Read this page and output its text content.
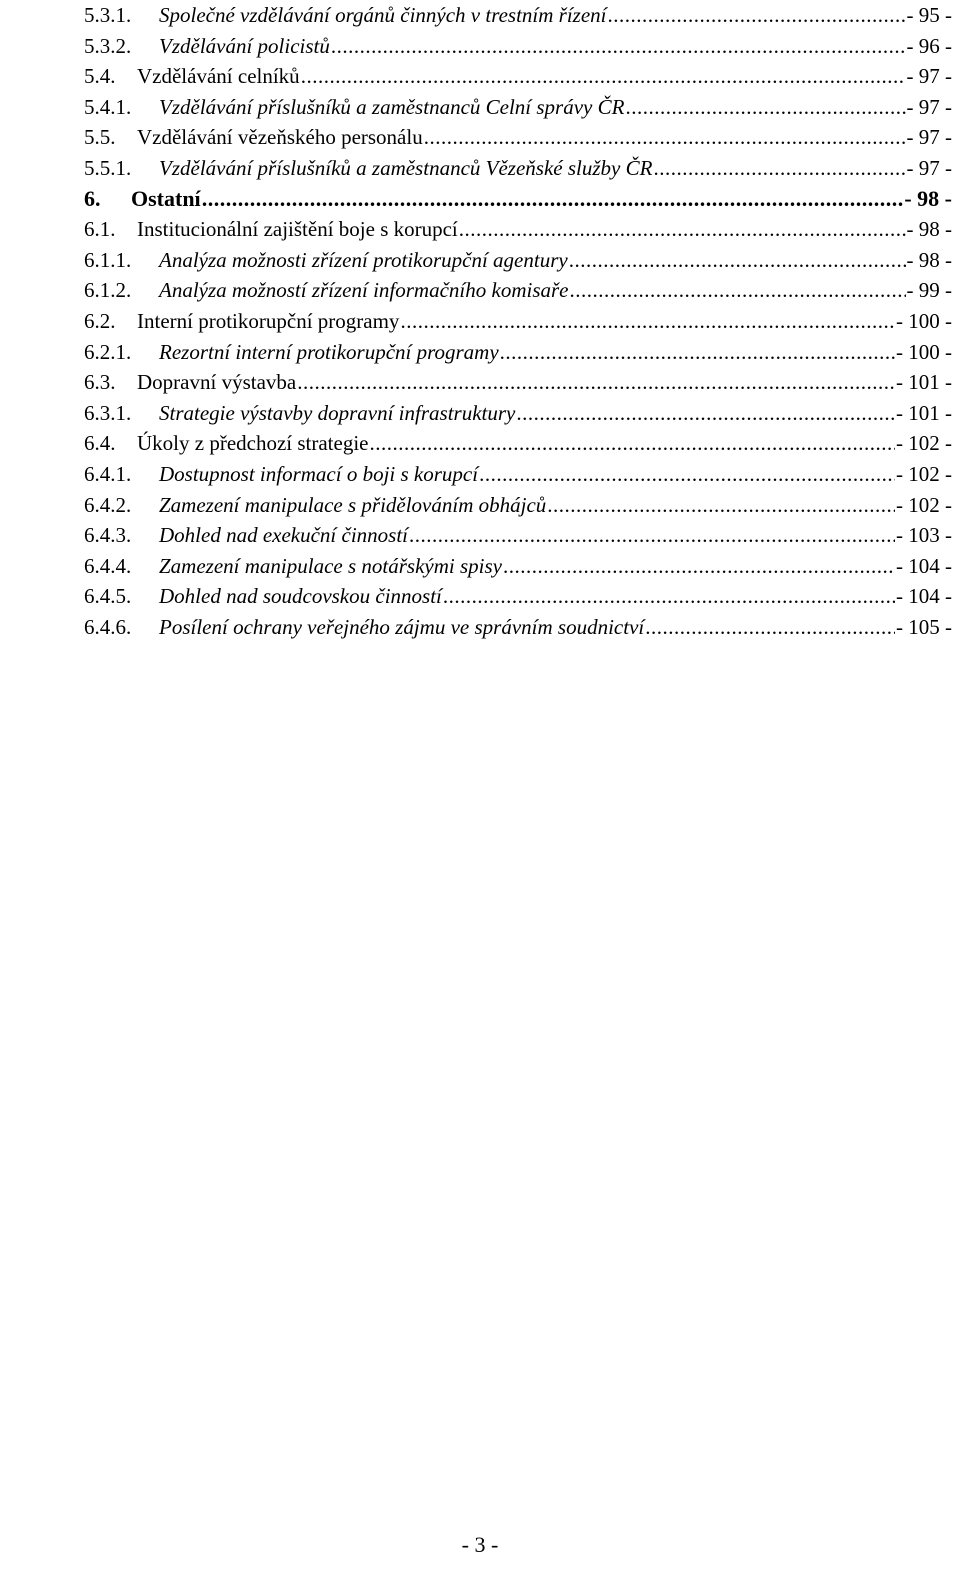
5.3.1.	Společné vzdělávání orgánů činných v trestním řízení .....	- 95 -
5.3.2.	Vzdělávání policistů .....	- 96 -
5.4.	Vzdělávání celníků .....	- 97 -
5.4.1.	Vzdělávání příslušníků a zaměstnanců Celní správy ČR .....	- 97 -
5.5.	Vzdělávání vězeňského personálu .....	- 97 -
5.5.1.	Vzdělávání příslušníků a zaměstnanců Vězeňské služby ČR .....	- 97 -
6.	Ostatní .....	- 98 -
6.1.	Institucionální zajištění boje s korupcí .....	- 98 -
6.1.1.	Analýza možnosti zřízení protikorupční agentury .....	- 98 -
6.1.2.	Analýza možností zřízení informačního komisaře .....	- 99 -
6.2.	Interní protikorupční programy .....	- 100 -
6.2.1.	Rezortní interní protikorupční programy .....	- 100 -
6.3.	Dopravní výstavba .....	- 101 -
6.3.1.	Strategie výstavby dopravní infrastruktury .....	- 101 -
6.4.	Úkoly z předchozí strategie .....	- 102 -
6.4.1.	Dostupnost informací o boji s korupcí .....	- 102 -
6.4.2.	Zamezení manipulace s přidělováním obhájců .....	- 102 -
6.4.3.	Dohled nad exekuční činností .....	- 103 -
6.4.4.	Zamezení manipulace s notářskými spisy .....	- 104 -
6.4.5.	Dohled nad soudcovskou činností .....	- 104 -
6.4.6.	Posílení ochrany veřejného zájmu ve správním soudnictví .....	- 105 -
- 3 -
